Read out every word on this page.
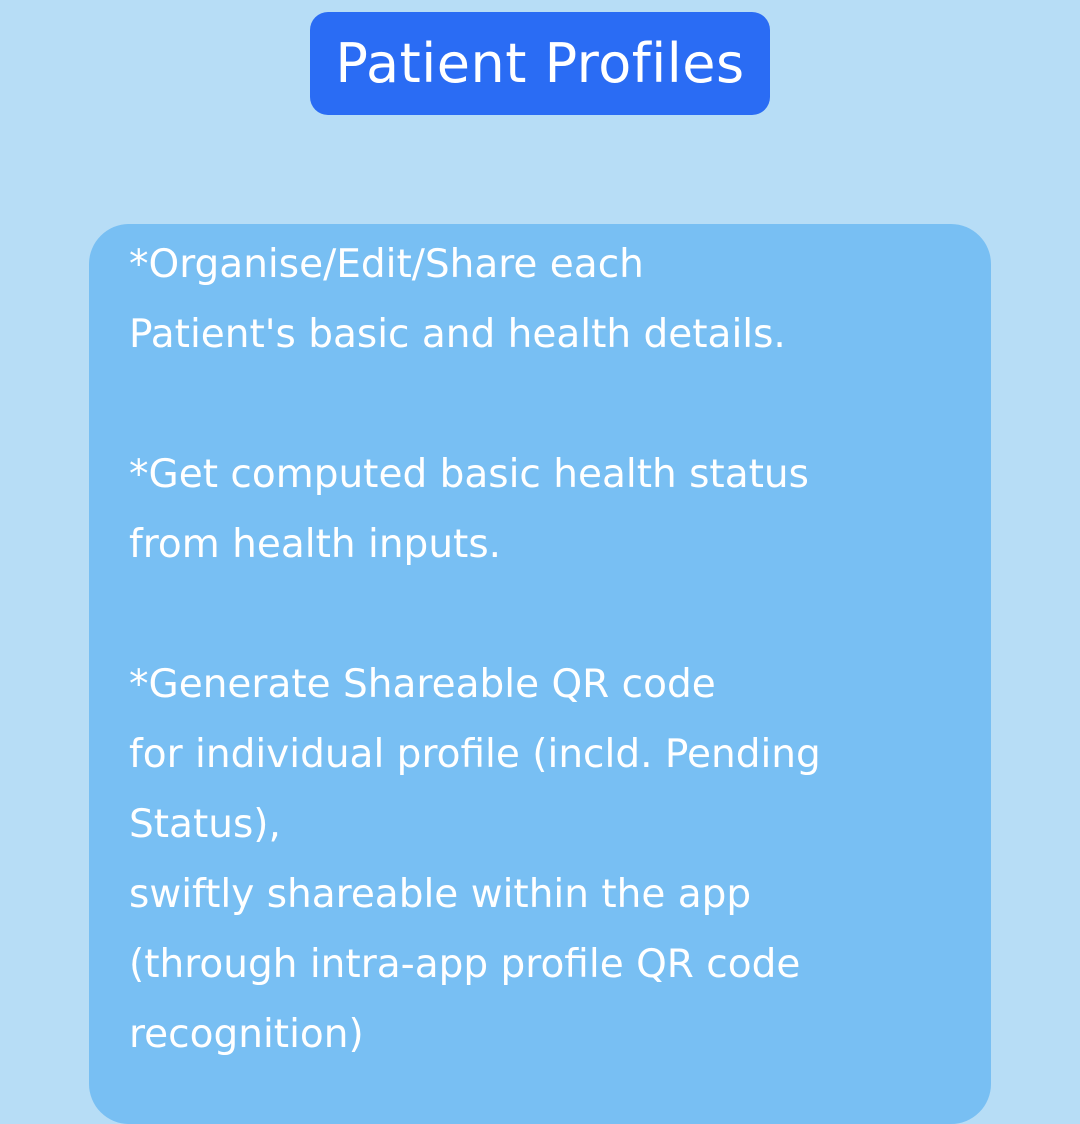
Patient Profiles
*Organise/Edit/Share each
Patient's basic and health details.
*Get computed basic health status
from health inputs.
*Generate Shareable QR code
for individual profile (incld. Pending
Status),
swiftly shareable within the app
(through intra-app profile QR code
recognition)
